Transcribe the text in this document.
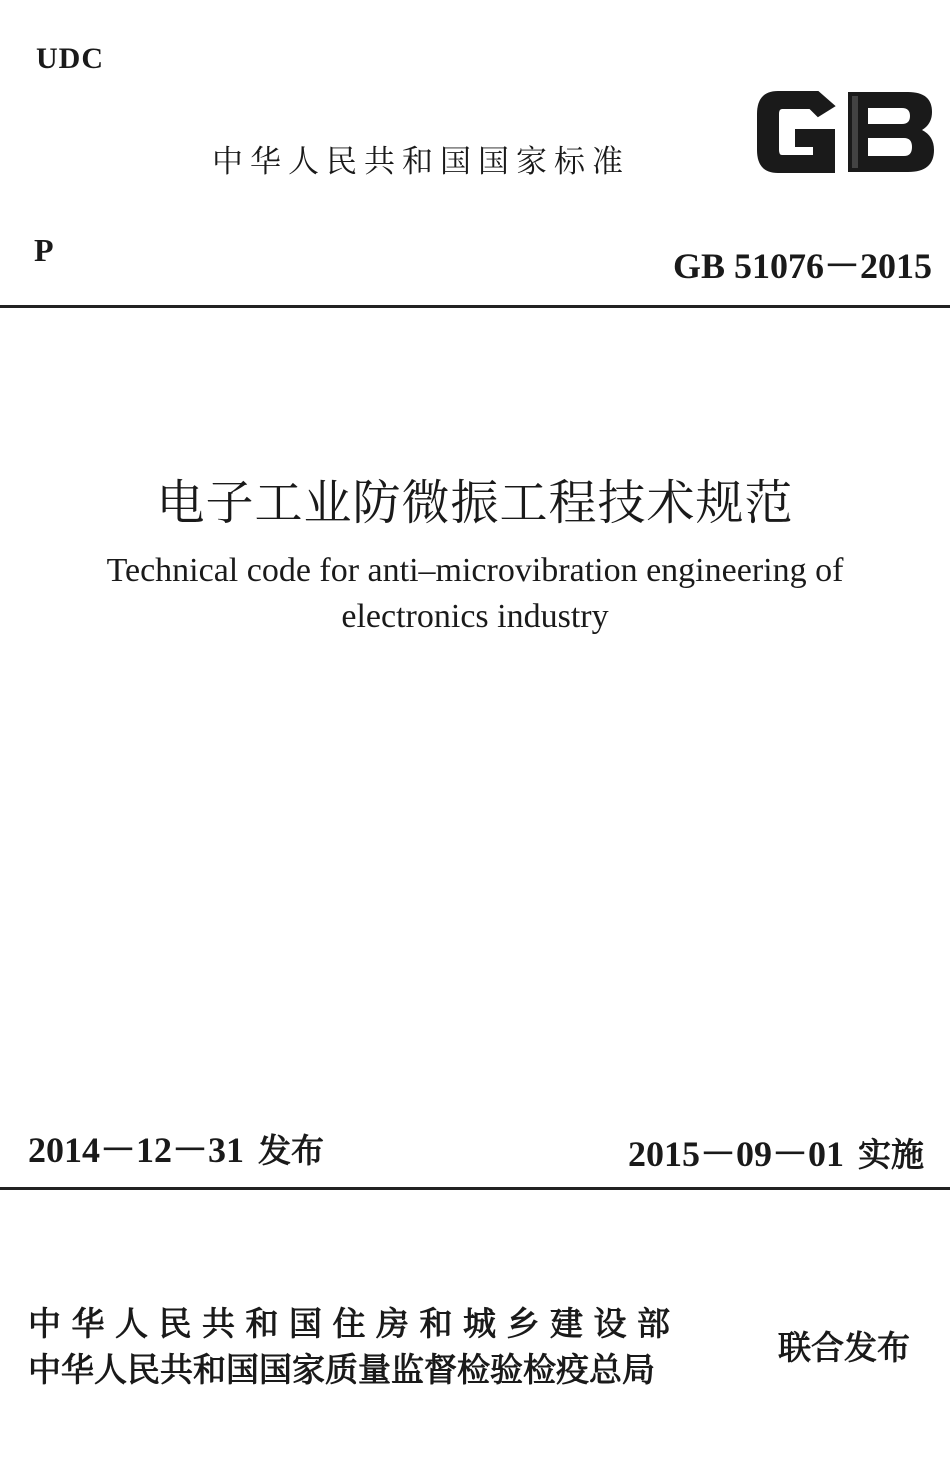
UDC
中华人民共和国国家标准
P	GB 51076－2015
电子工业防微振工程技术规范
Technical code for anti–microvibration engineering of
electronics industry
2014－12－31 发布	2015－09－01 实施
中华人民共和国住房和城乡建设部
中华人民共和国国家质量监督检验检疫总局
联合发布
